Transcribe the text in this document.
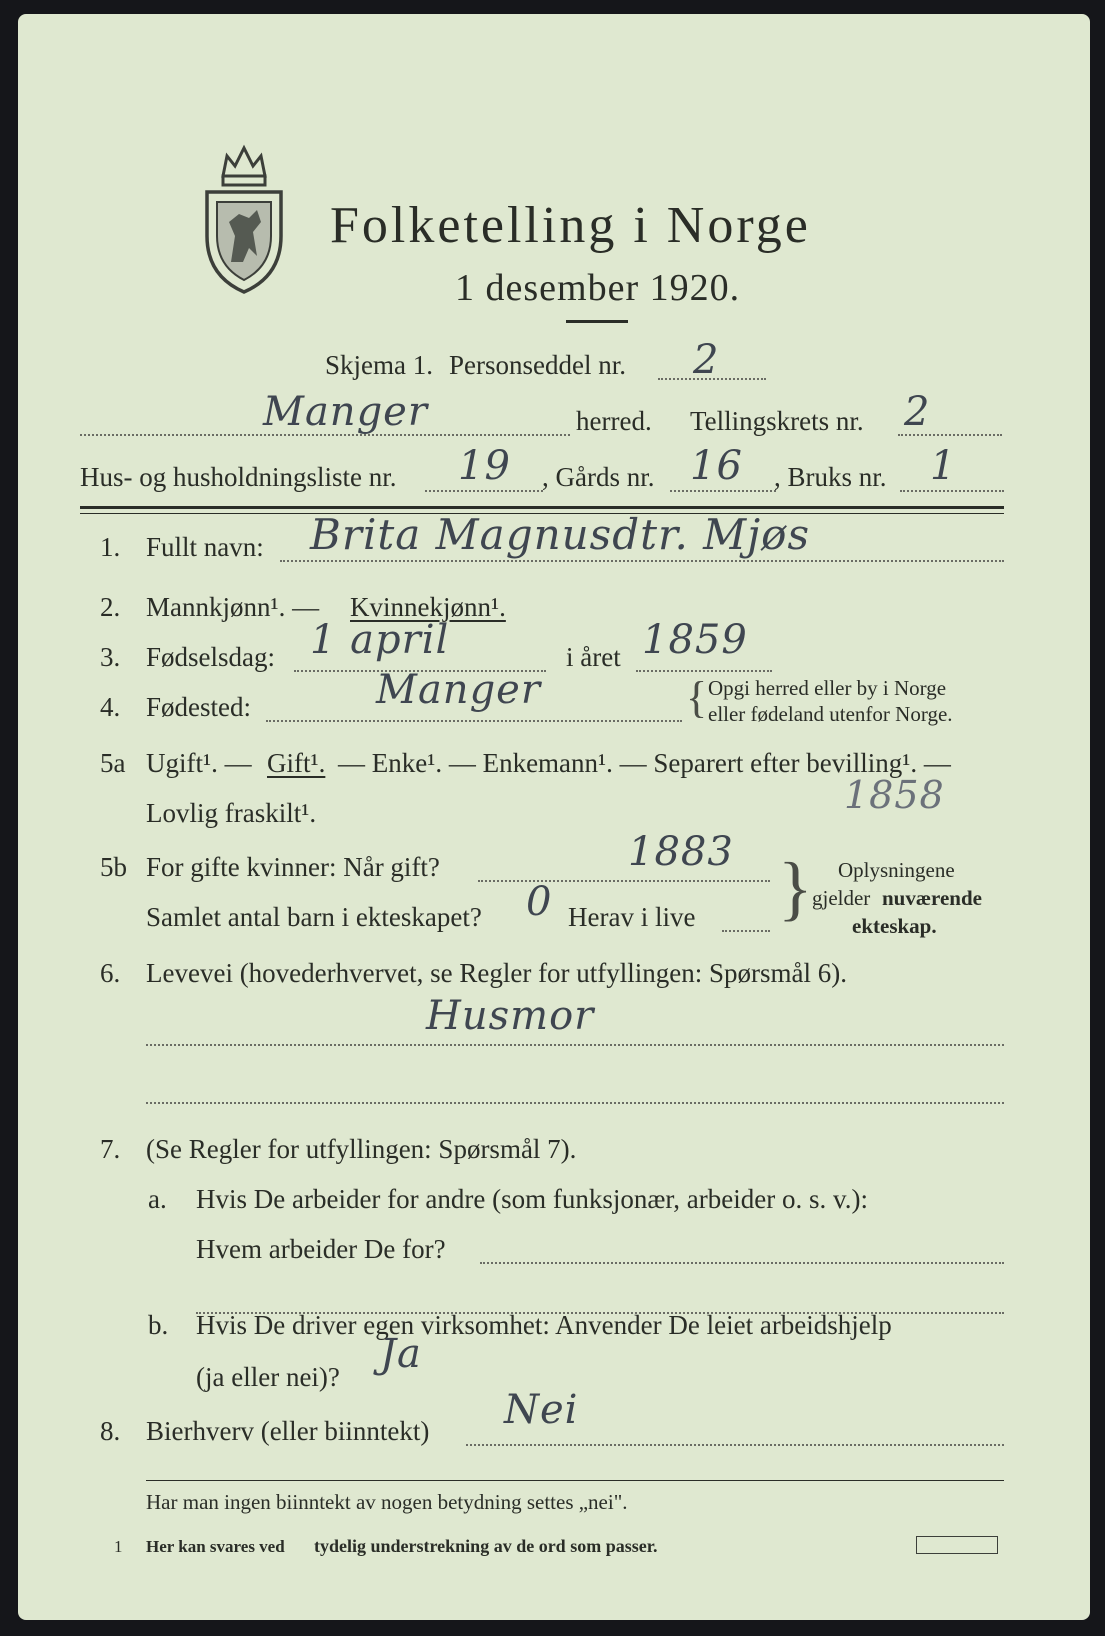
Folketelling i Norge
1 desember 1920.
Skjema 1. Personseddel nr. 2
Manger	herred. Tellingskrets nr. 2
Hus- og husholdningsliste nr. 19 , Gårds nr. 16 , Bruks nr. 1
1. Fullt navn: Brita Magnusdtr. Mjøs
2. Mannkjønn¹. — Kvinnekjønn¹.
3. Fødselsdag: 1 april	i året 1859
4. Fødested:	Manger	{ Opgi herred eller by i Norge
eller fødeland utenfor Norge.
5a Ugift¹. — Gift¹. — Enke¹. — Enkemann¹. — Separert efter bevilling¹. —
Lovlig fraskilt¹.	1858
5b For gifte kvinner: Når gift?	1883
Samlet antal barn i ekteskapet? 0 Herav i live } Oplysningene
gjelder nuværende
ekteskap.
6. Levevei (hovederhvervet, se Regler for utfyllingen: Spørsmål 6).
Husmor
7. (Se Regler for utfyllingen: Spørsmål 7).
a. Hvis De arbeider for andre (som funksjonær, arbeider o. s. v.):
Hvem arbeider De for?
b. Hvis De driver egen virksomhet: Anvender De leiet arbeidshjelp
(ja eller nei)? Ja
8. Bierhverv (eller biinntekt) Nei
Har man ingen biinntekt av nogen betydning settes „nei".
1 Her kan svares ved tydelig understrekning av de ord som passer.
